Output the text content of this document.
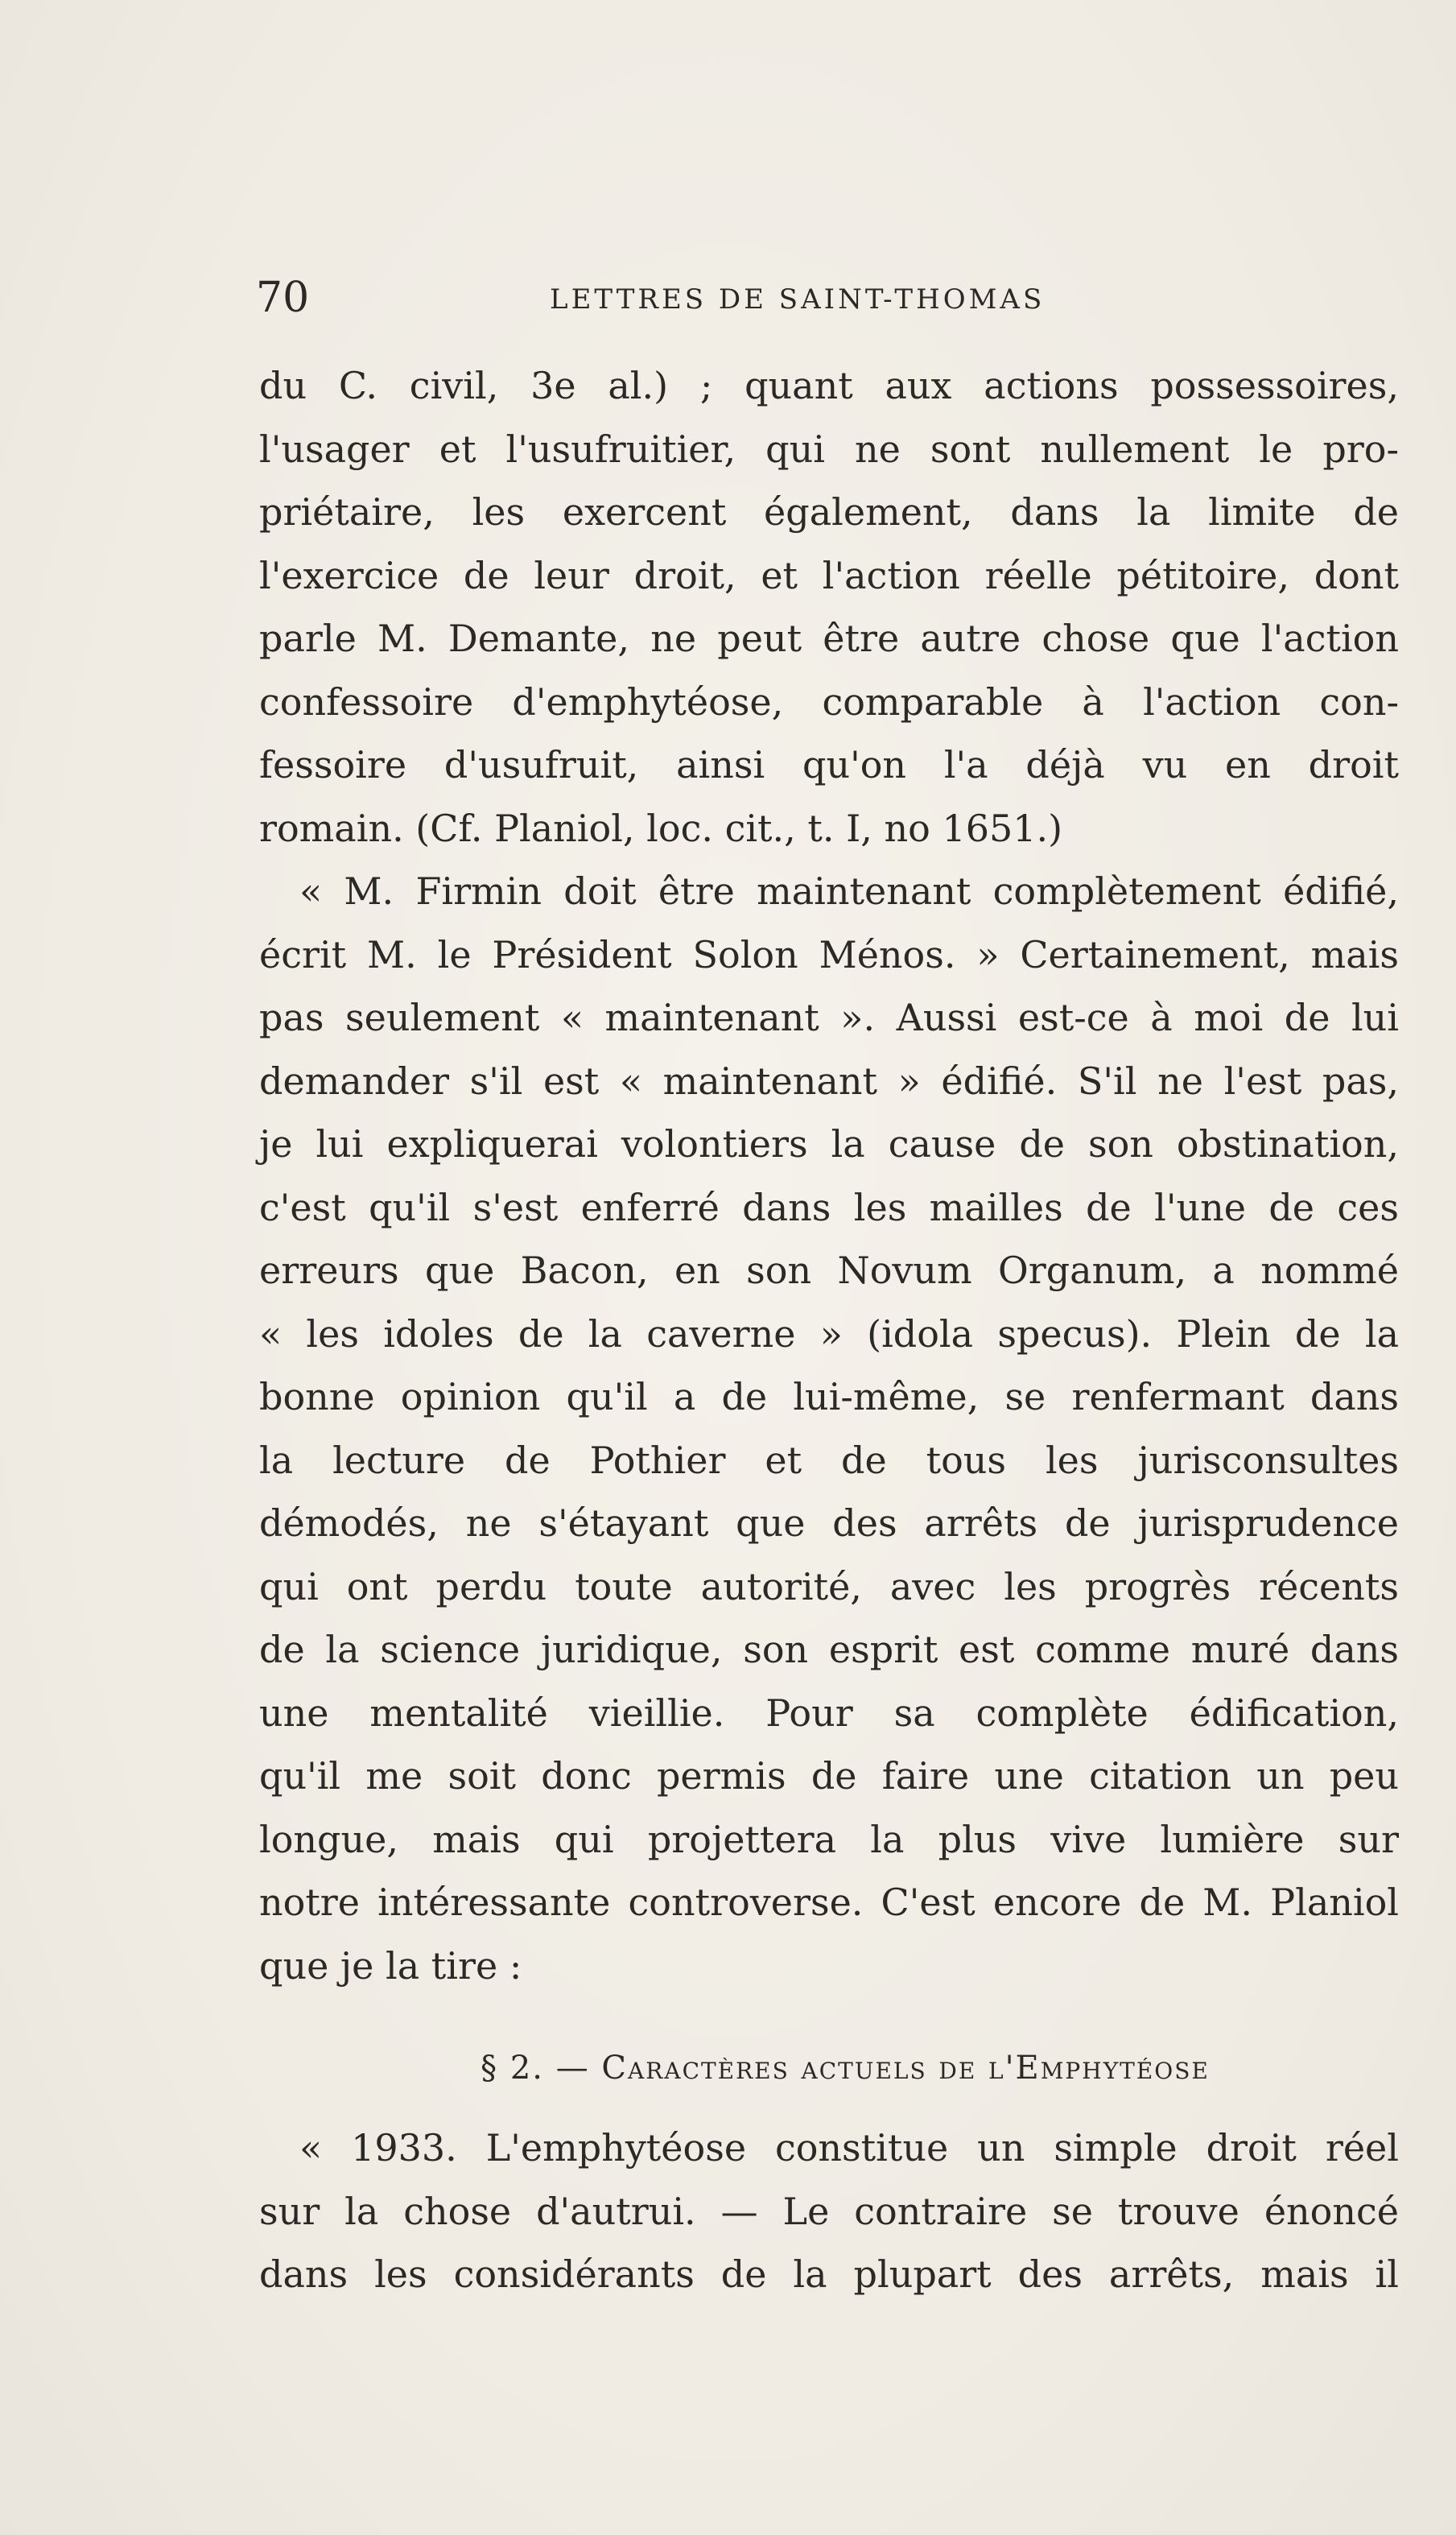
70	LETTRES DE SAINT-THOMAS
du C. civil, 3e al.) ; quant aux actions possessoires,
l'usager et l'usufruitier, qui ne sont nullement le pro-
priétaire, les exercent également, dans la limite de
l'exercice de leur droit, et l'action réelle pétitoire, dont
parle M. Demante, ne peut être autre chose que l'action
confessoire d'emphytéose, comparable à l'action con-
fessoire d'usufruit, ainsi qu'on l'a déjà vu en droit
romain. (Cf. Planiol, loc. cit., t. I, no 1651.)
« M. Firmin doit être maintenant complètement édifié,
écrit M. le Président Solon Ménos. » Certainement, mais
pas seulement « maintenant ». Aussi est-ce à moi de lui
demander s'il est « maintenant » édifié. S'il ne l'est pas,
je lui expliquerai volontiers la cause de son obstination,
c'est qu'il s'est enferré dans les mailles de l'une de ces
erreurs que Bacon, en son Novum Organum, a nommé
« les idoles de la caverne » (idola specus). Plein de la
bonne opinion qu'il a de lui-même, se renfermant dans
la lecture de Pothier et de tous les jurisconsultes
démodés, ne s'étayant que des arrêts de jurisprudence
qui ont perdu toute autorité, avec les progrès récents
de la science juridique, son esprit est comme muré dans
une mentalité vieillie. Pour sa complète édification,
qu'il me soit donc permis de faire une citation un peu
longue, mais qui projettera la plus vive lumière sur
notre intéressante controverse. C'est encore de M. Planiol
que je la tire :
§ 2. — Caractères actuels de l'Emphytéose
« 1933. L'emphytéose constitue un simple droit réel
sur la chose d'autrui. — Le contraire se trouve énoncé
dans les considérants de la plupart des arrêts, mais il
